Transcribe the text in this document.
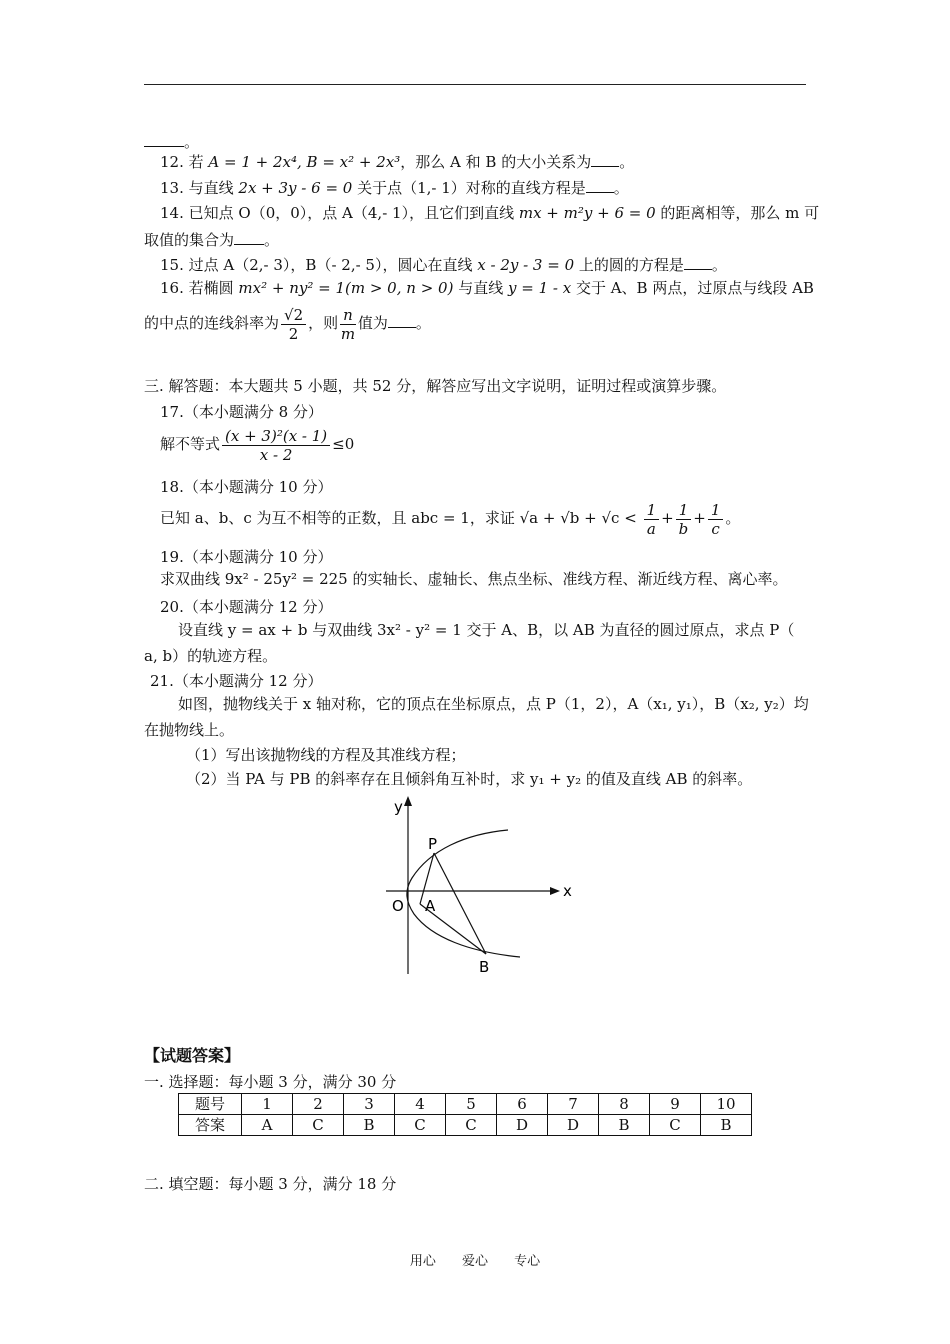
。
12. 若 A = 1 + 2x⁴, B = x² + 2x³，那么 A 和 B 的大小关系为 。
13. 与直线 2x + 3y - 6 = 0 关于点（1,- 1）对称的直线方程是 。
14. 已知点 O（0，0），点 A（4,- 1），且它们到直线 mx + m²y + 6 = 0 的距离相等，那么 m 可
取值的集合为 。
15. 过点 A（2,- 3），B（- 2,- 5），圆心在直线 x - 2y - 3 = 0 上的圆的方程是 。
16. 若椭圆 mx² + ny² = 1(m > 0, n > 0) 与直线 y = 1 - x 交于 A、B 两点，过原点与线段 AB
的中点的连线斜率为 $\frac{√2}{2}$ ，则 $\frac{n}{m}$ 值为 。
三. 解答题：本大题共 5 小题，共 52 分，解答应写出文字说明，证明过程或演算步骤。
17.（本小题满分 8 分）
解不等式 $\frac{\text{(x + 3)²(x - 1)}}{x - 2} \le 0$
18.（本小题满分 10 分）
已知 a、b、c 为互不相等的正数，且 abc = 1，求证 $√a + √b + √c < \frac{1}{a} + \frac{1}{b} + \frac{1}{c}$ 。
19.（本小题满分 10 分）
求双曲线 9x² - 25y² = 225 的实轴长、虚轴长、焦点坐标、准线方程、渐近线方程、离心率。
20.（本小题满分 12 分）
设直线 y = ax + b 与双曲线 3x² - y² = 1 交于 A、B，以 AB 为直径的圆过原点，求点 P（
a, b）的轨迹方程。
21.（本小题满分 12 分）
如图，抛物线关于 x 轴对称，它的顶点在坐标原点，点 P（1，2），A（x₁, y₁），B（x₂, y₂）均
在抛物线上。
（1）写出该抛物线的方程及其准线方程；
（2）当 PA 与 PB 的斜率存在且倾斜角互补时，求 y₁ + y₂ 的值及直线 AB 的斜率。
y
x
O
P
A
B
【试题答案】
一. 选择题：每小题 3 分，满分 30 分
题号	1	2	3	4	5	6	7	8	9	10
答案	A	C	B	C	C	D	D	B	C	B
二. 填空题：每小题 3 分，满分 18 分
用心 爱心 专心
